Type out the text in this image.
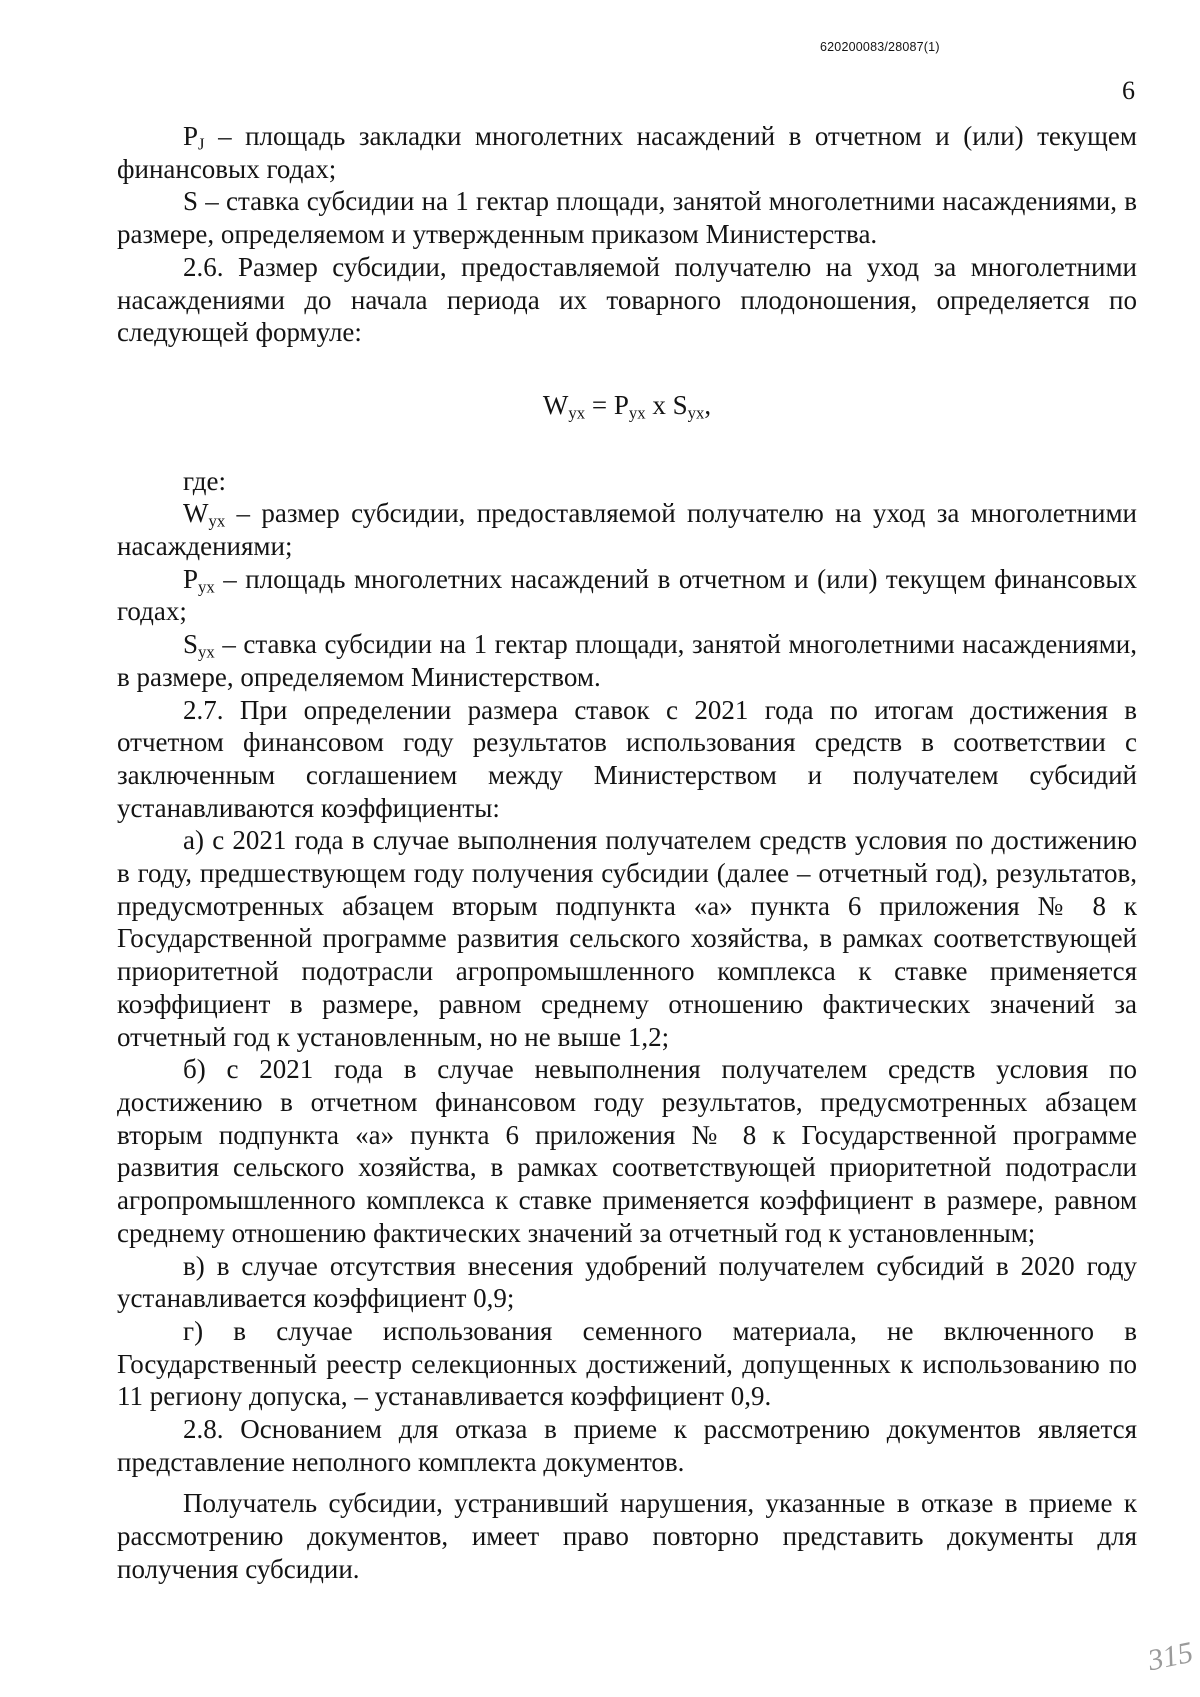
620200083/28087(1)
6

$P_J$ – площадь закладки многолетних насаждений в отчетном и (или) текущем финансовых годах;

S – ставка субсидии на 1 гектар площади, занятой многолетними насаждениями, в размере, определяемом и утвержденным приказом Министерства.

2.6. Размер субсидии, предоставляемой получателю на уход за многолетними насаждениями до начала периода их товарного плодоношения, определяется по следующей формуле:

$W_{ух} = P_{ух}$ х $S_{ух}$,

где:

$W_{ух}$ – размер субсидии, предоставляемой получателю на уход за многолетними насаждениями;

$P_{ух}$ – площадь многолетних насаждений в отчетном и (или) текущем финансовых годах;

$S_{ух}$ – ставка субсидии на 1 гектар площади, занятой многолетними насаждениями, в размере, определяемом Министерством.

2.7. При определении размера ставок с 2021 года по итогам достижения в отчетном финансовом году результатов использования средств в соответствии с заключенным соглашением между Министерством и получателем субсидий устанавливаются коэффициенты:

а) с 2021 года в случае выполнения получателем средств условия по достижению в году, предшествующем году получения субсидии (далее – отчетный год), результатов, предусмотренных абзацем вторым подпункта «а» пункта 6 приложения № 8 к Государственной программе развития сельского хозяйства, в рамках соответствующей приоритетной подотрасли агропромышленного комплекса к ставке применяется коэффициент в размере, равном среднему отношению фактических значений за отчетный год к установленным, но не выше 1,2;

б) с 2021 года в случае невыполнения получателем средств условия по достижению в отчетном финансовом году результатов, предусмотренных абзацем вторым подпункта «а» пункта 6 приложения № 8 к Государственной программе развития сельского хозяйства, в рамках соответствующей приоритетной подотрасли агропромышленного комплекса к ставке применяется коэффициент в размере, равном среднему отношению фактических значений за отчетный год к установленным;

в) в случае отсутствия внесения удобрений получателем субсидий в 2020 году устанавливается коэффициент 0,9;

г) в случае использования семенного материала, не включенного в Государственный реестр селекционных достижений, допущенных к использованию по 11 региону допуска, – устанавливается коэффициент 0,9.

2.8. Основанием для отказа в приеме к рассмотрению документов является представление неполного комплекта документов.

Получатель субсидии, устранивший нарушения, указанные в отказе в приеме к рассмотрению документов, имеет право повторно представить документы для получения субсидии.

315
